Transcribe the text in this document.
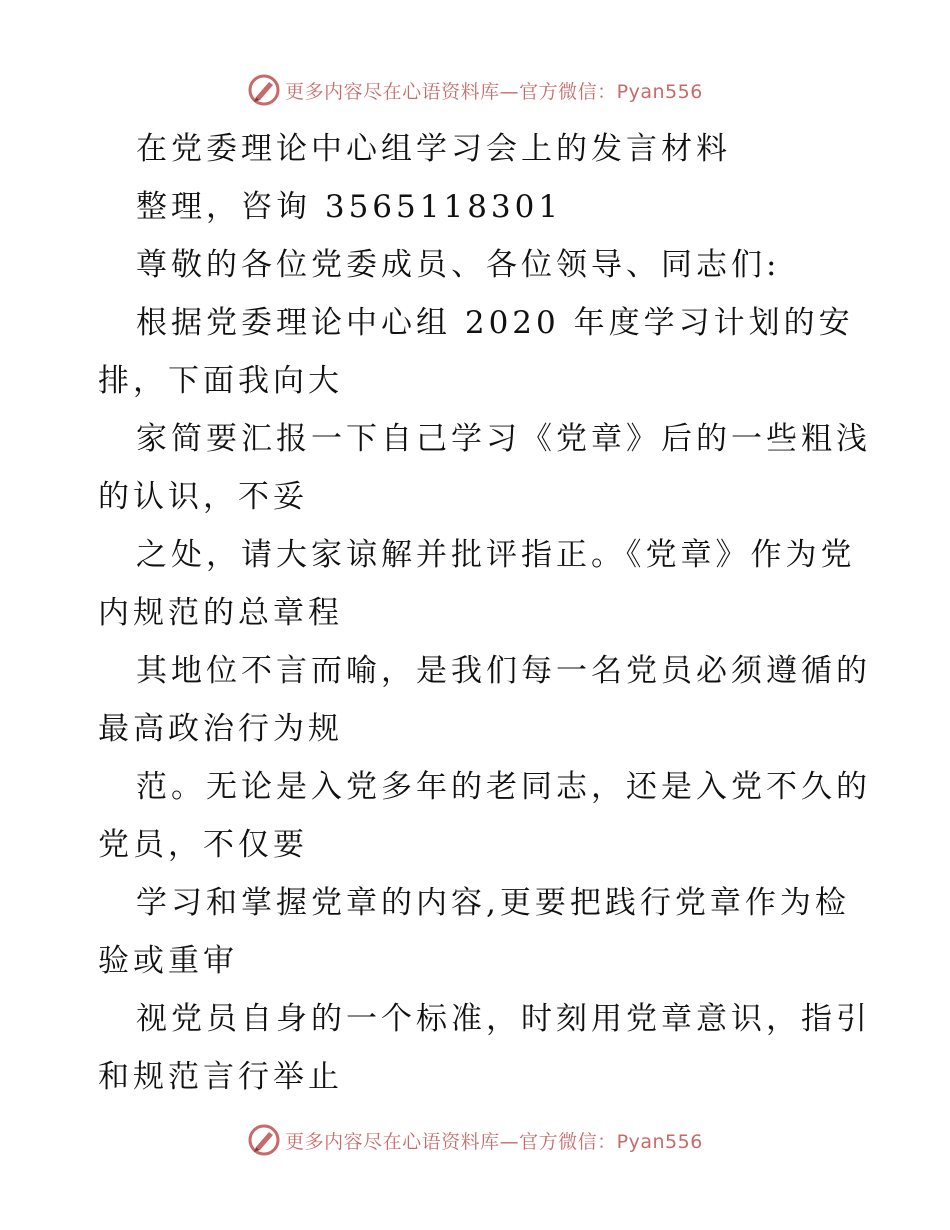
更多内容尽在心语资料库—官方微信：Pyan556
在党委理论中心组学习会上的发言材料
整理，咨询 3565118301
尊敬的各位党委成员、各位领导、同志们:
根据党委理论中心组 2020 年度学习计划的安
排，下面我向大
家简要汇报一下自己学习《党章》后的一些粗浅
的认识，不妥
之处，请大家谅解并批评指正。《党章》作为党
内规范的总章程
其地位不言而喻，是我们每一名党员必须遵循的
最高政治行为规
范。无论是入党多年的老同志，还是入党不久的
党员，不仅要
学习和掌握党章的内容,更要把践行党章作为检
验或重审
视党员自身的一个标准，时刻用党章意识，指引
和规范言行举止
更多内容尽在心语资料库—官方微信：Pyan556
